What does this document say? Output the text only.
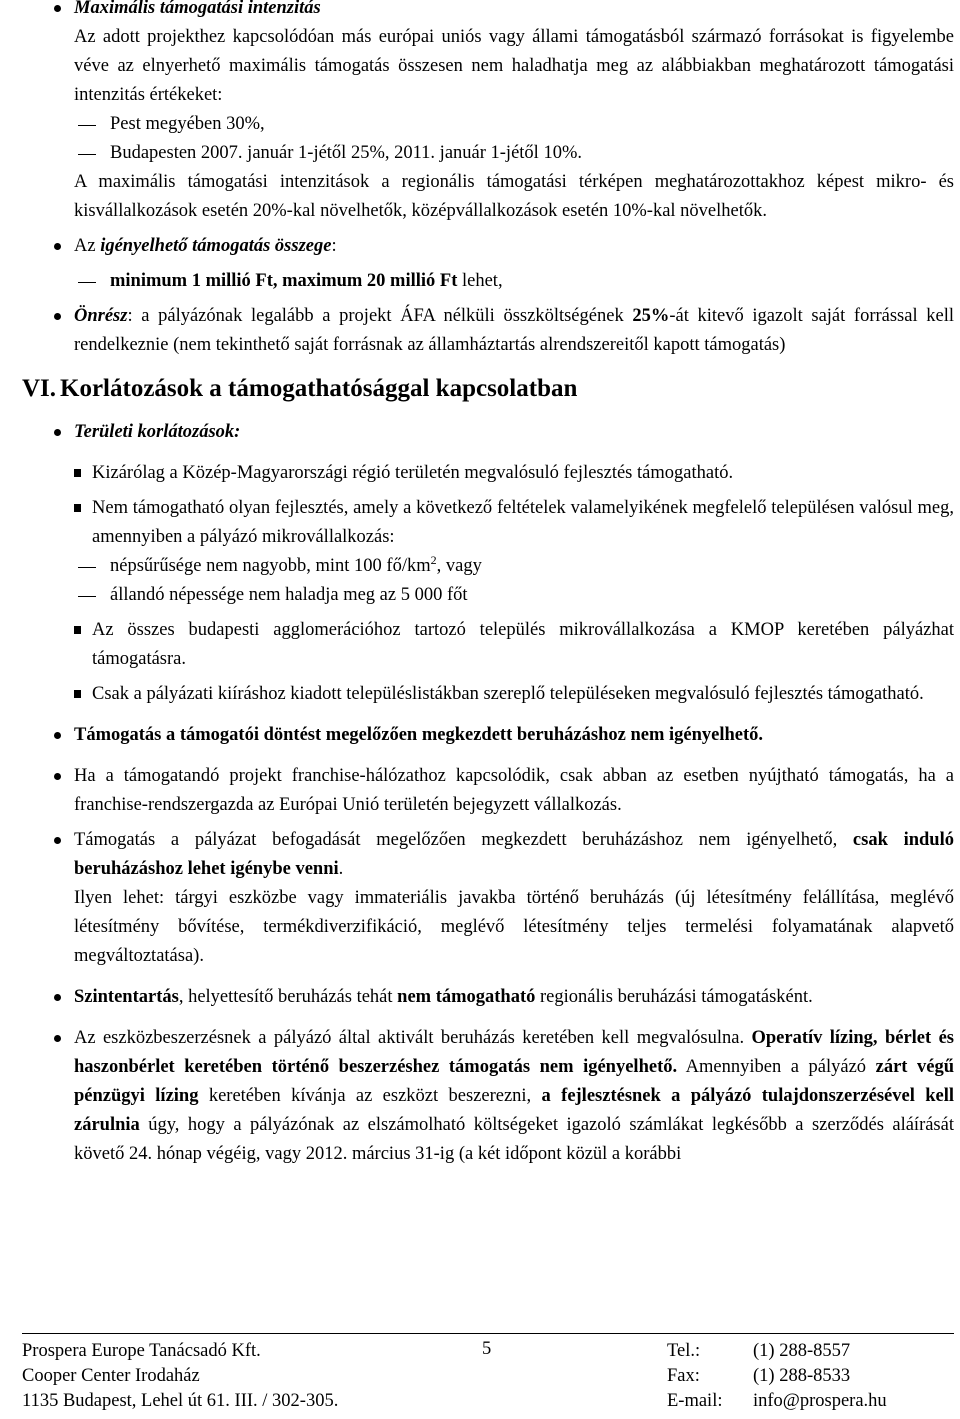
Maximális támogatási intenzitás

Az adott projekthez kapcsolódóan más európai uniós vagy állami támogatásból származó forrásokat is figyelembe véve az elnyerhető maximális támogatás összesen nem haladhatja meg az alábbiakban meghatározott támogatási intenzitás értékeket:

Pest megyében 30%,

Budapesten 2007. január 1-jétől 25%, 2011. január 1-jétől 10%.

A maximális támogatási intenzitások a regionális támogatási térképen meghatározottakhoz képest mikro- és kisvállalkozások esetén 20%-kal növelhetők, középvállalkozások esetén 10%-kal növelhetők.

Az igényelhető támogatás összege:

minimum 1 millió Ft, maximum 20 millió Ft lehet,

Önrész: a pályázónak legalább a projekt ÁFA nélküli összköltségének 25%-át kitevő igazolt saját forrással kell rendelkeznie (nem tekinthető saját forrásnak az államháztartás alrendszereitől kapott támogatás)

VI. Korlátozások a támogathatósággal kapcsolatban

Területi korlátozások:

Kizárólag a Közép-Magyarországi régió területén megvalósuló fejlesztés támogatható.

Nem támogatható olyan fejlesztés, amely a következő feltételek valamelyikének megfelelő településen valósul meg, amennyiben a pályázó mikrovállalkozás:

népsűrűsége nem nagyobb, mint 100 $fő/km^2$, vagy

állandó népessége nem haladja meg az 5 000 főt

Az összes budapesti agglomerációhoz tartozó település mikrovállalkozása a KMOP keretében pályázhat támogatásra.

Csak a pályázati kiíráshoz kiadott településlistákban szereplő településeken megvalósuló fejlesztés támogatható.

Támogatás a támogatói döntést megelőzően megkezdett beruházáshoz nem igényelhető.

Ha a támogatandó projekt franchise-hálózathoz kapcsolódik, csak abban az esetben nyújtható támogatás, ha a franchise-rendszergazda az Európai Unió területén bejegyzett vállalkozás.

Támogatás a pályázat befogadását megelőzően megkezdett beruházáshoz nem igényelhető, csak induló beruházáshoz lehet igénybe venni.

Ilyen lehet: tárgyi eszközbe vagy immateriális javakba történő beruházás (új létesítmény felállítása, meglévő létesítmény bővítése, termékdiverzifikáció, meglévő létesítmény teljes termelési folyamatának alapvető megváltoztatása).

Szintentartás, helyettesítő beruházás tehát nem támogatható regionális beruházási támogatásként.

Az eszközbeszerzésnek a pályázó által aktivált beruházás keretében kell megvalósulna. Operatív lízing, bérlet és haszonbérlet keretében történő beszerzéshez támogatás nem igényelhető. Amennyiben a pályázó zárt végű pénzügyi lízing keretében kívánja az eszközt beszerezni, a fejlesztésnek a pályázó tulajdonszerzésével kell zárulnia úgy, hogy a pályázónak az elszámolható költségeket igazoló számlákat legkésőbb a szerződés aláírását követő 24. hónap végéig, vagy 2012. március 31-ig (a két időpont közül a korábbi

Prospera Europe Tanácsadó Kft.
Cooper Center Irodaház
1135 Budapest, Lehel út 61. III. / 302-305.
5	Tel.:	(1) 288-8557
Fax:	(1) 288-8533
E-mail:	info@prospera.hu
